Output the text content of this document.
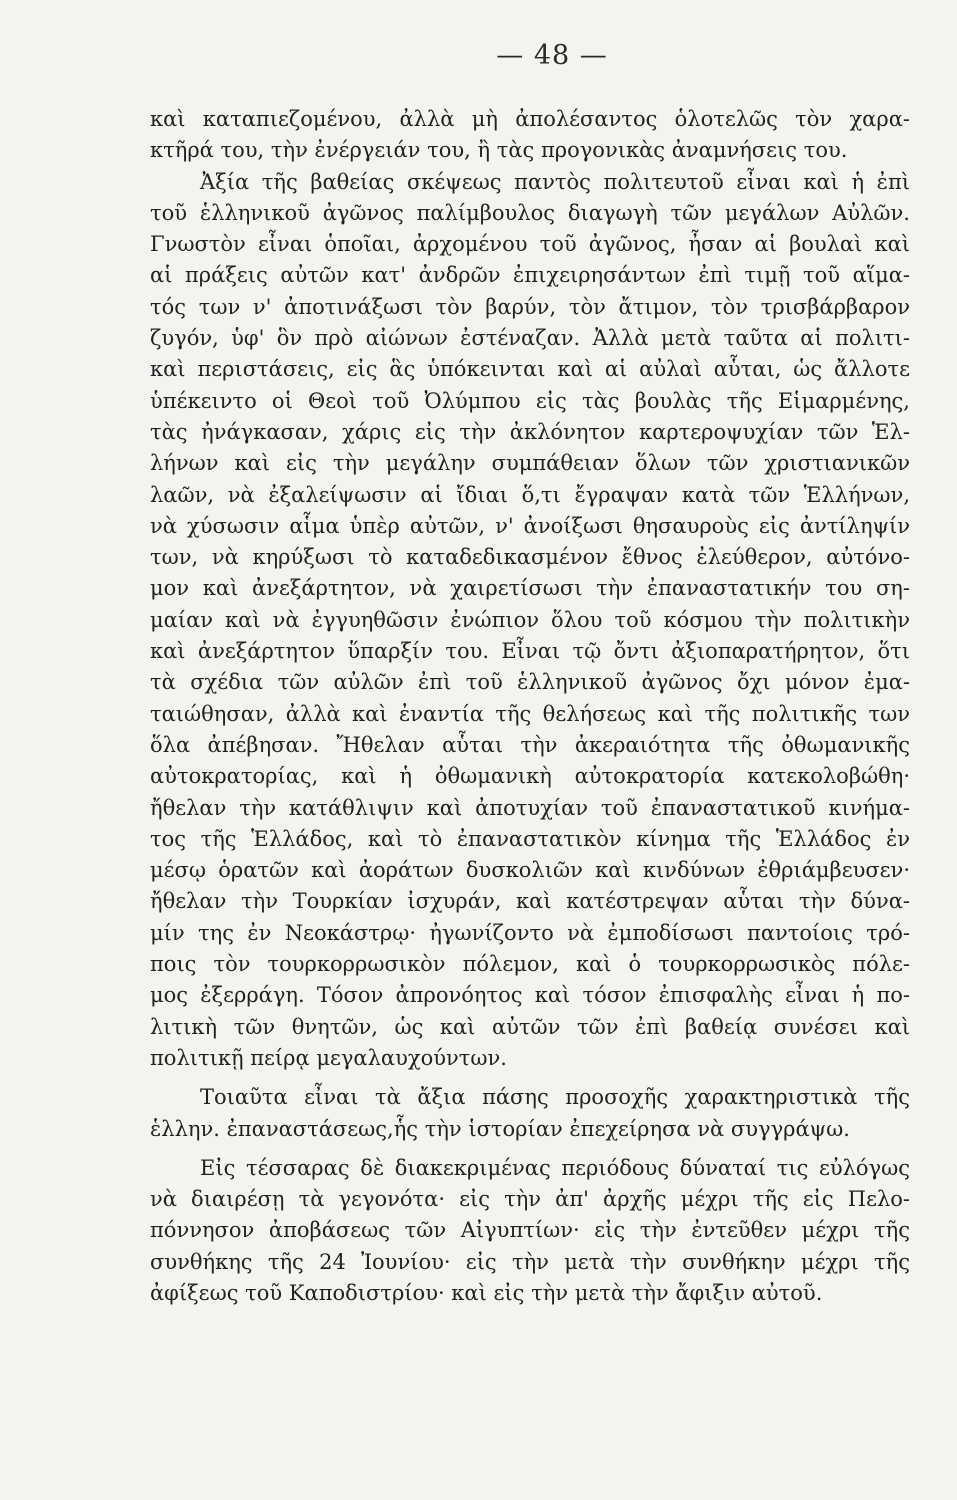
— 48 —
καὶ καταπιεζομένου, ἀλλὰ μὴ ἀπολέσαντος ὁλοτελῶς τὸν χαρα-
κτῆρά του, τὴν ἐνέργειάν του, ἢ τὰς προγονικὰς ἀναμνήσεις του.
Ἀξία τῆς βαθείας σκέψεως παντὸς πολιτευτοῦ εἶναι καὶ ἡ ἐπὶ
τοῦ ἑλληνικοῦ ἀγῶνος παλίμβουλος διαγωγὴ τῶν μεγάλων Αὐλῶν.
Γνωστὸν εἶναι ὁποῖαι, ἀρχομένου τοῦ ἀγῶνος, ἦσαν αἱ βουλαὶ καὶ
αἱ πράξεις αὐτῶν κατ' ἀνδρῶν ἐπιχειρησάντων ἐπὶ τιμῇ τοῦ αἵμα-
τός των ν' ἀποτινάξωσι τὸν βαρύν, τὸν ἄτιμον, τὸν τρισβάρβαρον
ζυγόν, ὑφ' ὃν πρὸ αἰώνων ἐστέναζαν. Ἀλλὰ μετὰ ταῦτα αἱ πολιτι-
καὶ περιστάσεις, εἰς ἃς ὑπόκεινται καὶ αἱ αὐλαὶ αὗται, ὡς ἄλλοτε
ὑπέκειντο οἱ Θεοὶ τοῦ Ὀλύμπου εἰς τὰς βουλὰς τῆς Εἱμαρμένης,
τὰς ἠνάγκασαν, χάρις εἰς τὴν ἀκλόνητον καρτεροψυχίαν τῶν Ἑλ-
λήνων καὶ εἰς τὴν μεγάλην συμπάθειαν ὅλων τῶν χριστιανικῶν
λαῶν, νὰ ἐξαλείψωσιν αἱ ἴδιαι ὅ,τι ἔγραψαν κατὰ τῶν Ἑλλήνων,
νὰ χύσωσιν αἷμα ὑπὲρ αὐτῶν, ν' ἀνοίξωσι θησαυροὺς εἰς ἀντίληψίν
των, νὰ κηρύξωσι τὸ καταδεδικασμένον ἔθνος ἐλεύθερον, αὐτόνο-
μον καὶ ἀνεξάρτητον, νὰ χαιρετίσωσι τὴν ἐπαναστατικήν του ση-
μαίαν καὶ νὰ ἐγγυηθῶσιν ἐνώπιον ὅλου τοῦ κόσμου τὴν πολιτικὴν
καὶ ἀνεξάρτητον ὕπαρξίν του. Εἶναι τῷ ὄντι ἀξιοπαρατήρητον, ὅτι
τὰ σχέδια τῶν αὐλῶν ἐπὶ τοῦ ἑλληνικοῦ ἀγῶνος ὄχι μόνον ἐμα-
ταιώθησαν, ἀλλὰ καὶ ἐναντία τῆς θελήσεως καὶ τῆς πολιτικῆς των
ὅλα ἀπέβησαν. Ἤθελαν αὗται τὴν ἀκεραιότητα τῆς ὀθωμανικῆς
αὐτοκρατορίας, καὶ ἡ ὀθωμανικὴ αὐτοκρατορία κατεκολοβώθη·
ἤθελαν τὴν κατάθλιψιν καὶ ἀποτυχίαν τοῦ ἐπαναστατικοῦ κινήμα-
τος τῆς Ἑλλάδος, καὶ τὸ ἐπαναστατικὸν κίνημα τῆς Ἑλλάδος ἐν
μέσῳ ὁρατῶν καὶ ἀοράτων δυσκολιῶν καὶ κινδύνων ἐθριάμβευσεν·
ἤθελαν τὴν Τουρκίαν ἰσχυράν, καὶ κατέστρεψαν αὗται τὴν δύνα-
μίν της ἐν Νεοκάστρῳ· ἠγωνίζοντο νὰ ἐμποδίσωσι παντοίοις τρό-
ποις τὸν τουρκορρωσικὸν πόλεμον, καὶ ὁ τουρκορρωσικὸς πόλε-
μος ἐξερράγη. Τόσον ἀπρονόητος καὶ τόσον ἐπισφαλὴς εἶναι ἡ πο-
λιτικὴ τῶν θνητῶν, ὡς καὶ αὐτῶν τῶν ἐπὶ βαθείᾳ συνέσει καὶ
πολιτικῇ πείρᾳ μεγαλαυχούντων.
Τοιαῦτα εἶναι τὰ ἄξια πάσης προσοχῆς χαρακτηριστικὰ τῆς
ἑλλην. ἐπαναστάσεως,ἧς τὴν ἱστορίαν ἐπεχείρησα νὰ συγγράψω.
Εἰς τέσσαρας δὲ διακεκριμένας περιόδους δύναταί τις εὐλόγως
νὰ διαιρέσῃ τὰ γεγονότα· εἰς τὴν ἀπ' ἀρχῆς μέχρι τῆς εἰς Πελο-
πόννησον ἀποβάσεως τῶν Αἰγυπτίων· εἰς τὴν ἐντεῦθεν μέχρι τῆς
συνθήκης τῆς 24 Ἰουνίου· εἰς τὴν μετὰ τὴν συνθήκην μέχρι τῆς
ἀφίξεως τοῦ Καποδιστρίου· καὶ εἰς τὴν μετὰ τὴν ἄφιξιν αὐτοῦ.
